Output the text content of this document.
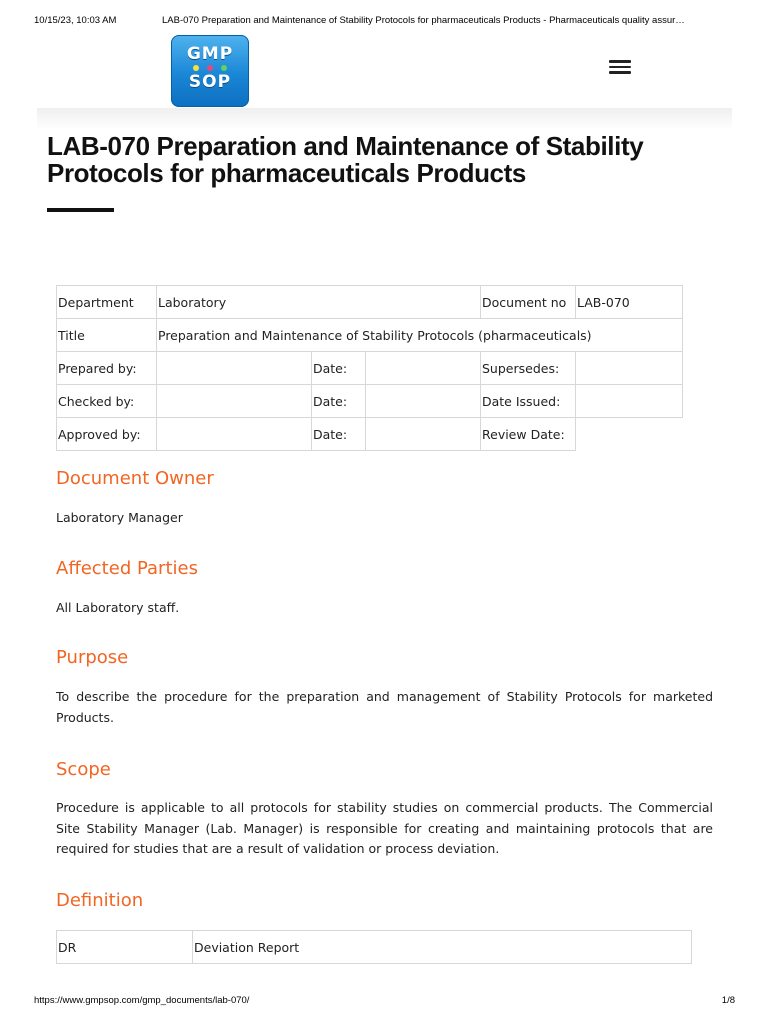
10/15/23, 10:03 AM	LAB-070 Preparation and Maintenance of Stability Protocols for pharmaceuticals Products - Pharmaceuticals quality assur…
GMP
SOP
LAB-070 Preparation and Maintenance of Stability Protocols for pharmaceuticals Products
Department	Laboratory			Document no	LAB-070
Title	Preparation and Maintenance of Stability Protocols (pharmaceuticals)				
Prepared by:		Date:		Supersedes:	
Checked by:		Date:		Date Issued:	
Approved by:		Date:		Review Date:	
Document Owner

Laboratory Manager

Affected Parties

All Laboratory staff.

Purpose

To describe the procedure for the preparation and management of Stability Protocols for marketed Products.

Scope

Procedure is applicable to all protocols for stability studies on commercial products. The Commercial Site Stability Manager (Lab. Manager) is responsible for creating and maintaining protocols that are required for studies that are a result of validation or process deviation.

Definition
DR	Deviation Report
https://www.gmpsop.com/gmp_documents/lab-070/	1/8
